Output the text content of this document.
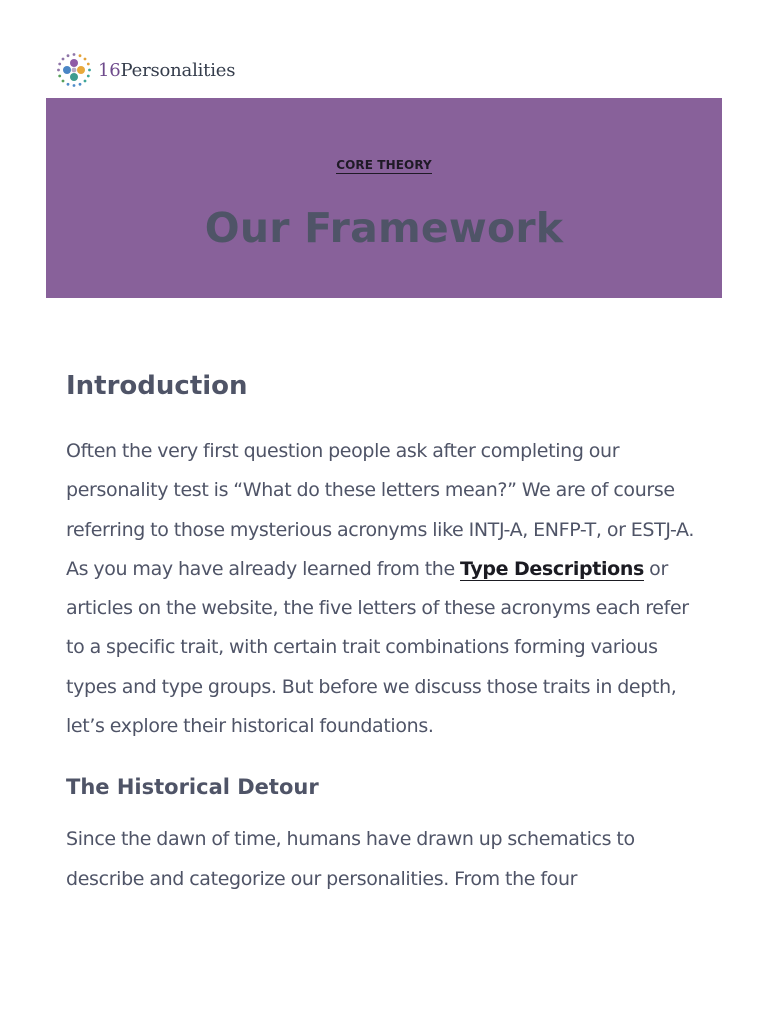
16Personalities
CORE THEORY
Our Framework
Introduction

Often the very first question people ask after completing our personality test is “What do these letters mean?” We are of course referring to those mysterious acronyms like INTJ-A, ENFP-T, or ESTJ-A. As you may have already learned from the Type Descriptions or articles on the website, the five letters of these acronyms each refer to a specific trait, with certain trait combinations forming various types and type groups. But before we discuss those traits in depth, let’s explore their historical foundations.

The Historical Detour

Since the dawn of time, humans have drawn up schematics to describe and categorize our personalities. From the four
